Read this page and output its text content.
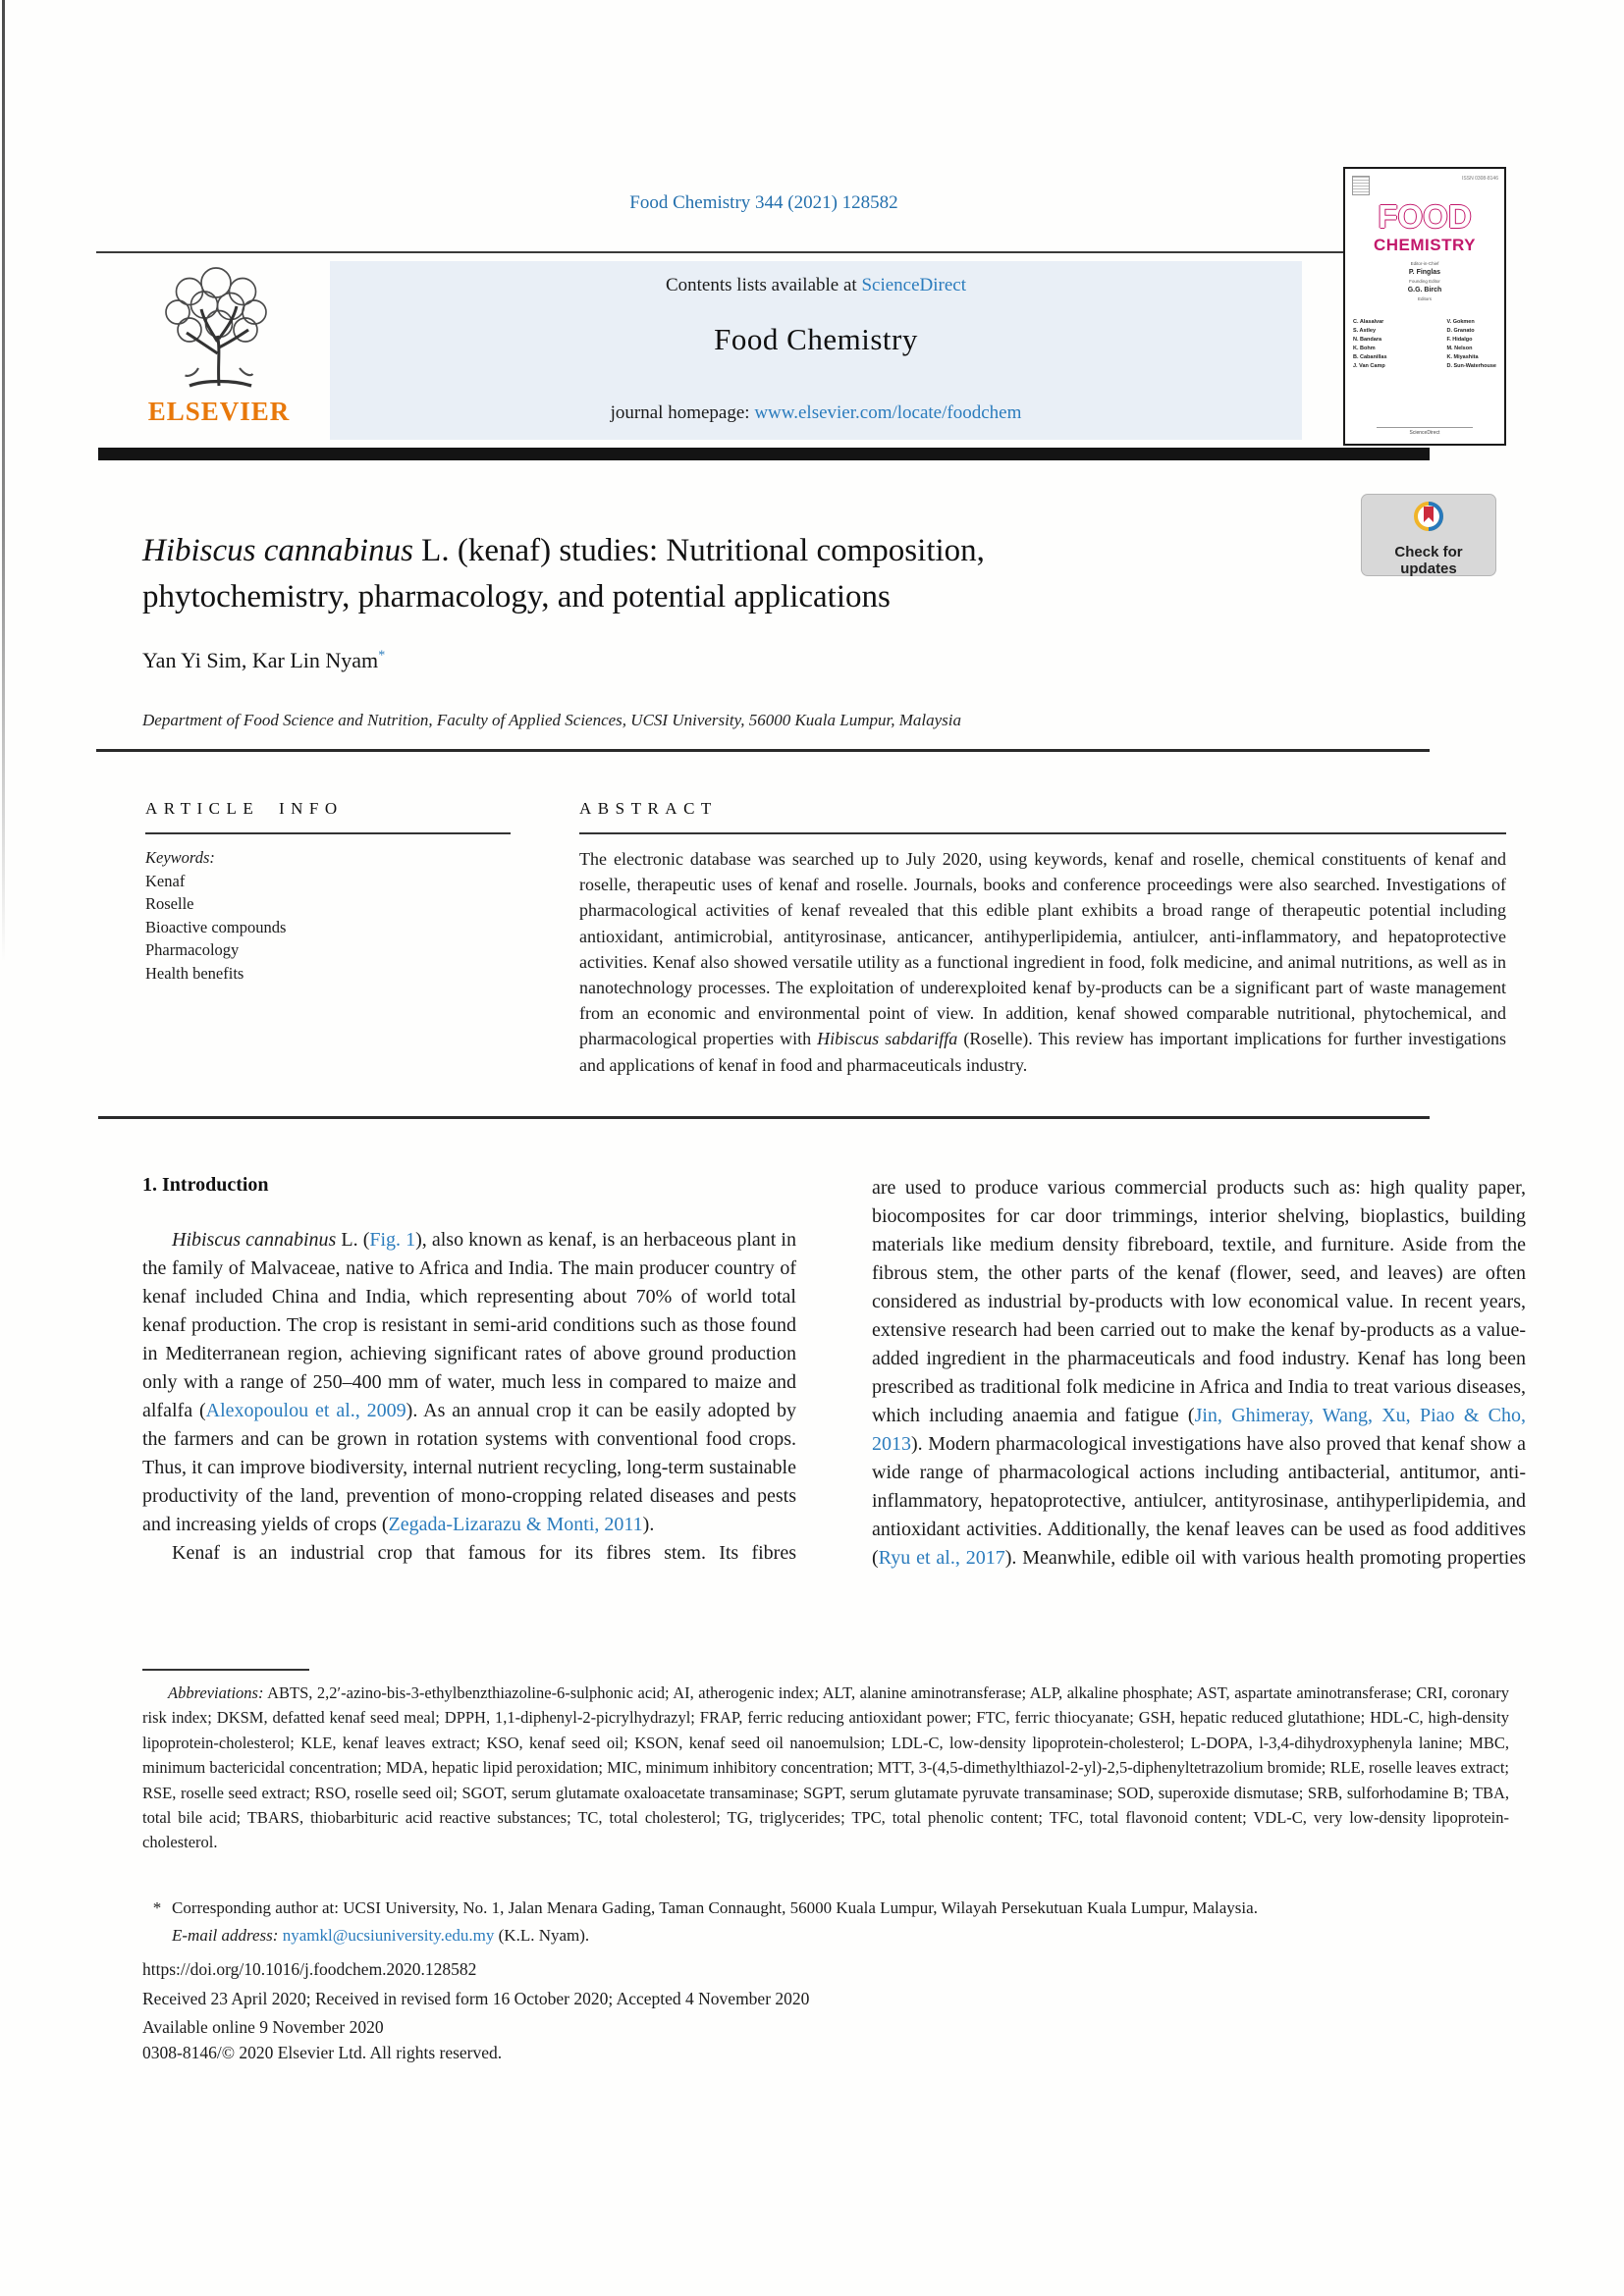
Food Chemistry 344 (2021) 128582
ELSEVIER
Contents lists available at ScienceDirect
Food Chemistry
journal homepage: www.elsevier.com/locate/foodchem
ISSN 0308-8146
FOOD
CHEMISTRY
Editor-in-Chief
P. Finglas
Founding Editor
G.G. Birch
Editors
C. Alasalvar
S. Astley
N. Bandara
K. Bohm
B. Cabanillas
J. Van Camp
V. Gokmen
D. Granato
F. Hidalgo
M. Nelson
K. Miyashita
D. Sun-Waterhouse
ScienceDirect
Check for
updates
Hibiscus cannabinus L. (kenaf) studies: Nutritional composition,
phytochemistry, pharmacology, and potential applications
Yan Yi Sim, Kar Lin Nyam*
Department of Food Science and Nutrition, Faculty of Applied Sciences, UCSI University, 56000 Kuala Lumpur, Malaysia
ARTICLE INFO
Keywords:
Kenaf
Roselle
Bioactive compounds
Pharmacology
Health benefits
ABSTRACT
The electronic database was searched up to July 2020, using keywords, kenaf and roselle, chemical constituents of kenaf and roselle, therapeutic uses of kenaf and roselle. Journals, books and conference proceedings were also searched. Investigations of pharmacological activities of kenaf revealed that this edible plant exhibits a broad range of therapeutic potential including antioxidant, antimicrobial, antityrosinase, anticancer, antihyperlipidemia, antiulcer, anti-inflammatory, and hepatoprotective activities. Kenaf also showed versatile utility as a functional ingredient in food, folk medicine, and animal nutritions, as well as in nanotechnology processes. The exploitation of underexploited kenaf by-products can be a significant part of waste management from an economic and environmental point of view. In addition, kenaf showed comparable nutritional, phytochemical, and pharmacological properties with Hibiscus sabdariffa (Roselle). This review has important implications for further investigations and applications of kenaf in food and pharmaceuticals industry.

1. Introduction

Hibiscus cannabinus L. (Fig. 1), also known as kenaf, is an herbaceous plant in the family of Malvaceae, native to Africa and India. The main producer country of kenaf included China and India, which representing about 70% of world total kenaf production. The crop is resistant in semi-arid conditions such as those found in Mediterranean region, achieving significant rates of above ground production only with a range of 250–400 mm of water, much less in compared to maize and alfalfa (Alexopoulou et al., 2009). As an annual crop it can be easily adopted by the farmers and can be grown in rotation systems with conventional food crops. Thus, it can improve biodiversity, internal nutrient recycling, long-term sustainable productivity of the land, prevention of mono-cropping related diseases and pests and increasing yields of crops (Zegada-Lizarazu & Monti, 2011).

Kenaf is an industrial crop that famous for its fibres stem. Its fibres

are used to produce various commercial products such as: high quality paper, biocomposites for car door trimmings, interior shelving, bioplastics, building materials like medium density fibreboard, textile, and furniture. Aside from the fibrous stem, the other parts of the kenaf (flower, seed, and leaves) are often considered as industrial by-products with low economical value. In recent years, extensive research had been carried out to make the kenaf by-products as a value-added ingredient in the pharmaceuticals and food industry. Kenaf has long been prescribed as traditional folk medicine in Africa and India to treat various diseases, which including anaemia and fatigue (Jin, Ghimeray, Wang, Xu, Piao & Cho, 2013). Modern pharmacological investigations have also proved that kenaf show a wide range of pharmacological actions including antibacterial, antitumor, anti-inflammatory, hepatoprotective, antiulcer, antityrosinase, antihyperlipidemia, and antioxidant activities. Additionally, the kenaf leaves can be used as food additives (Ryu et al., 2017). Meanwhile, edible oil with various health promoting properties

Abbreviations: ABTS, 2,2′-azino-bis-3-ethylbenzthiazoline-6-sulphonic acid; AI, atherogenic index; ALT, alanine aminotransferase; ALP, alkaline phosphate; AST, aspartate aminotransferase; CRI, coronary risk index; DKSM, defatted kenaf seed meal; DPPH, 1,1-diphenyl-2-picrylhydrazyl; FRAP, ferric reducing antioxidant power; FTC, ferric thiocyanate; GSH, hepatic reduced glutathione; HDL-C, high-density lipoprotein-cholesterol; KLE, kenaf leaves extract; KSO, kenaf seed oil; KSON, kenaf seed oil nanoemulsion; LDL-C, low-density lipoprotein-cholesterol; L-DOPA, l-3,4-dihydroxyphenyla lanine; MBC, minimum bactericidal concentration; MDA, hepatic lipid peroxidation; MIC, minimum inhibitory concentration; MTT, 3-(4,5-dimethylthiazol-2-yl)-2,5-diphenyltetrazolium bromide; RLE, roselle leaves extract; RSE, roselle seed extract; RSO, roselle seed oil; SGOT, serum glutamate oxaloacetate transaminase; SGPT, serum glutamate pyruvate transaminase; SOD, superoxide dismutase; SRB, sulforhodamine B; TBA, total bile acid; TBARS, thiobarbituric acid reactive substances; TC, total cholesterol; TG, triglycerides; TPC, total phenolic content; TFC, total flavonoid content; VDL-C, very low-density lipoprotein-cholesterol.
* Corresponding author at: UCSI University, No. 1, Jalan Menara Gading, Taman Connaught, 56000 Kuala Lumpur, Wilayah Persekutuan Kuala Lumpur, Malaysia.
E-mail address: nyamkl@ucsiuniversity.edu.my (K.L. Nyam).
https://doi.org/10.1016/j.foodchem.2020.128582
Received 23 April 2020; Received in revised form 16 October 2020; Accepted 4 November 2020
Available online 9 November 2020
0308-8146/© 2020 Elsevier Ltd. All rights reserved.
